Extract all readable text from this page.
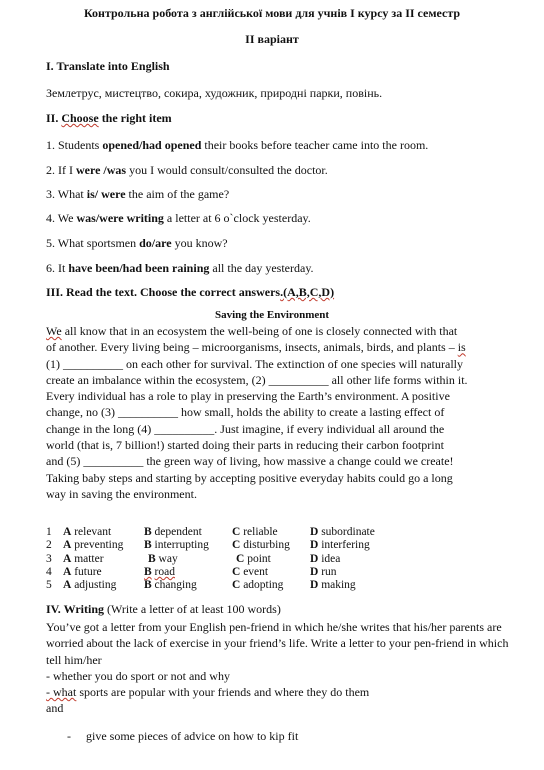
Контрольна робота з англійської мови для учнів І курсу за ІІ семестр
ІІ варіант
I. Translate into English
Землетрус, мистецтво, сокира, художник, природні парки, повінь.
II. Choose the right item
1. Students opened/had opened their books before teacher came into the room.
2. If I were /was you I would consult/consulted the doctor.
3. What is/ were the aim of the game?
4. We was/were writing a letter at 6 o`clock yesterday.
5. What sportsmen do/are you know?
6. It have been/had been raining all the day yesterday.
III. Read the text. Choose the correct answers.(A,B,C,D)
Saving the Environment
We all know that in an ecosystem the well-being of one is closely connected with that
of another. Every living being – microorganisms, insects, animals, birds, and plants – is
(1) __________ on each other for survival. The extinction of one species will naturally
create an imbalance within the ecosystem, (2) __________ all other life forms within it.
Every individual has a role to play in preserving the Earth’s environment. A positive
change, no (3) __________ how small, holds the ability to create a lasting effect of
change in the long (4) __________. Just imagine, if every individual all around the
world (that is, 7 billion!) started doing their parts in reducing their carbon footprint
and (5) __________ the green way of living, how massive a change could we create!
Taking baby steps and starting by accepting positive everyday habits could go a long
way in saving the environment.
1 A relevant	B dependent	C reliable	D subordinate
2 A preventing B interrupting C disturbing D interfering
3 A matter	B way	C point	D idea
4 A future	B road	C event	D run
5 A adjusting B changing	C adopting D making
IV. Writing (Write a letter of at least 100 words)
You’ve got a letter from your English pen-friend in which he/she writes that his/her parents are
worried about the lack of exercise in your friend’s life. Write a letter to your pen-friend in which
tell him/her
- whether you do sport or not and why
- what sports are popular with your friends and where they do them
and
- give some pieces of advice on how to kip fit
